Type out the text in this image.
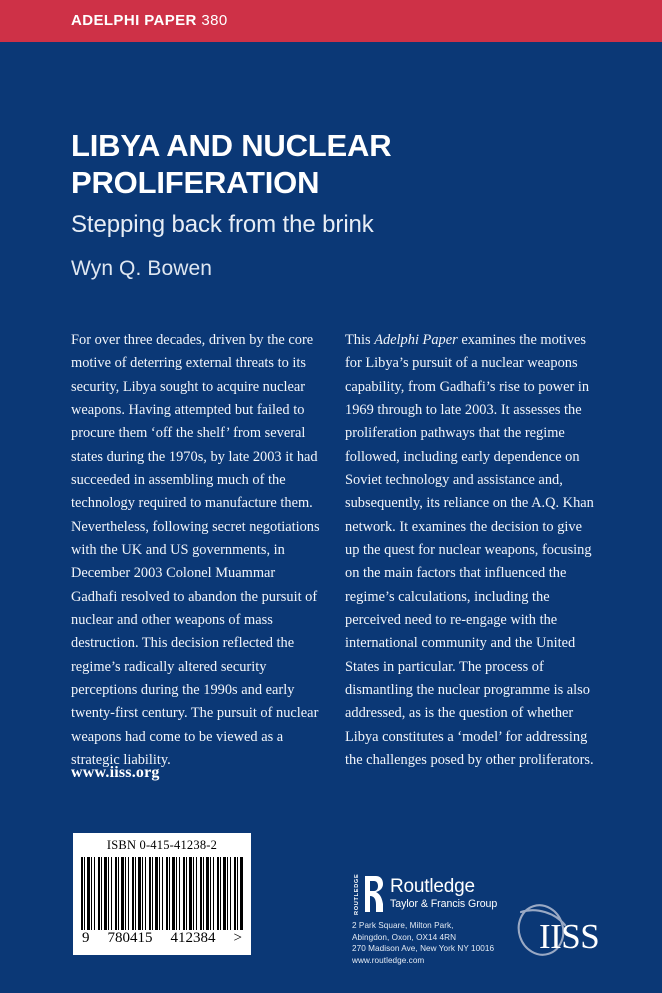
ADELPHI PAPER 380
LIBYA AND NUCLEAR
PROLIFERATION
Stepping back from the brink
Wyn Q. Bowen

For over three decades, driven by the core motive of deterring external threats to its security, Libya sought to acquire nuclear weapons. Having attempted but failed to procure them ‘off the shelf’ from several states during the 1970s, by late 2003 it had succeeded in assembling much of the technology required to manufacture them. Nevertheless, following secret negotiations with the UK and US governments, in December 2003 Colonel Muammar Gadhafi resolved to abandon the pursuit of nuclear and other weapons of mass destruction. This decision reflected the regime’s radically altered security perceptions during the 1990s and early twenty-first century. The pursuit of nuclear weapons had come to be viewed as a strategic liability.

This Adelphi Paper examines the motives for Libya’s pursuit of a nuclear weapons capability, from Gadhafi’s rise to power in 1969 through to late 2003. It assesses the proliferation pathways that the regime followed, including early dependence on Soviet technology and assistance and, subsequently, its reliance on the A.Q. Khan network. It examines the decision to give up the quest for nuclear weapons, focusing on the main factors that influenced the regime’s calculations, including the perceived need to re-engage with the international community and the United States in particular. The process of dismantling the nuclear programme is also addressed, as is the question of whether Libya constitutes a ‘model’ for addressing the challenges posed by other proliferators.

www.iiss.org
ISBN 0-415-41238-2
9 780415 412384 >
ROUTLEDGE Routledge
Taylor & Francis Group
2 Park Square, Milton Park,
Abingdon, Oxon, OX14 4RN
270 Madison Ave, New York NY 10016
www.routledge.com
IISS
